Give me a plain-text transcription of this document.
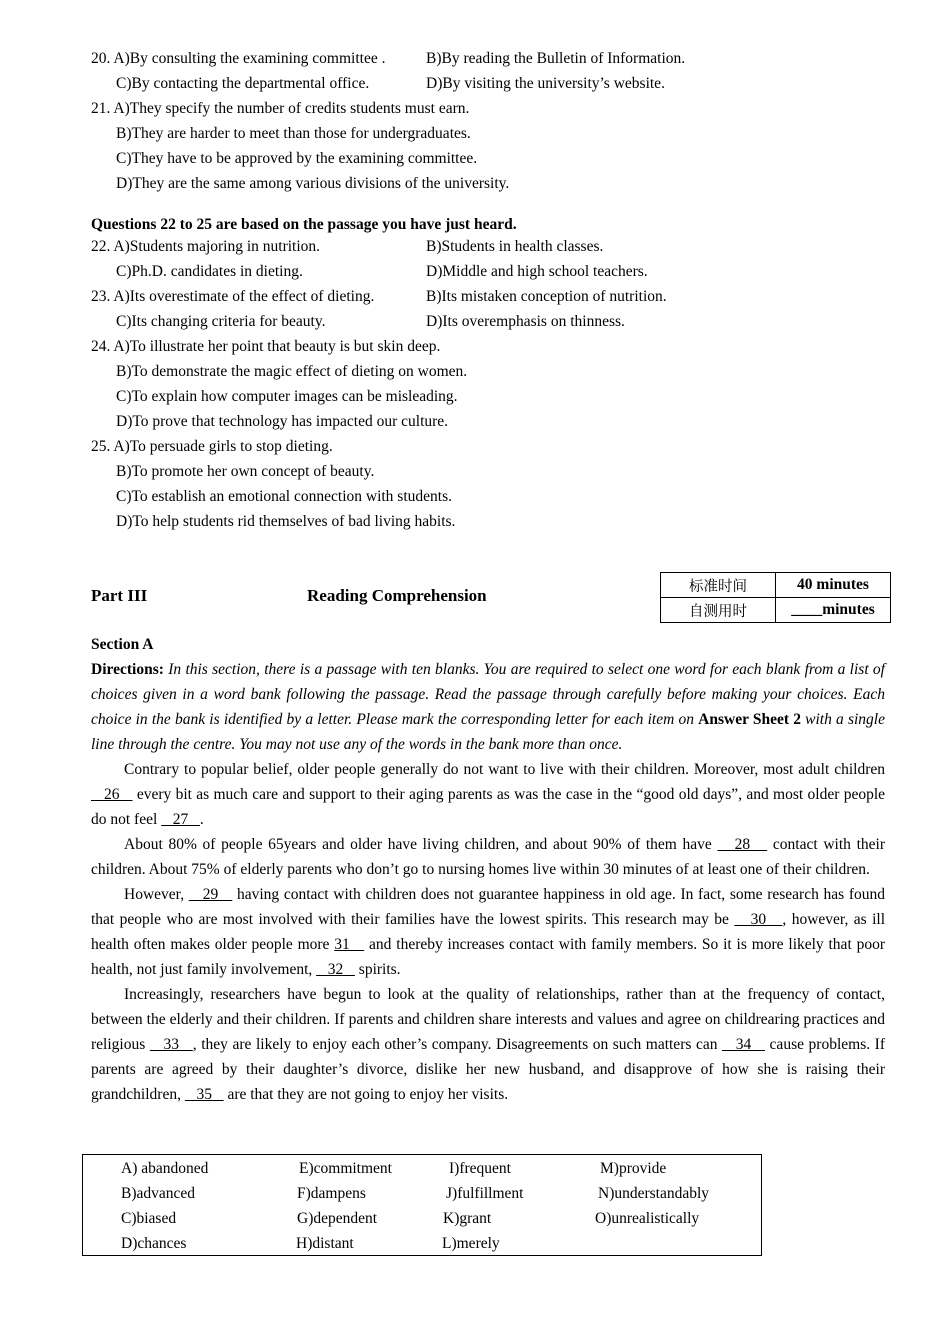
20. A)By consulting the examining committee .	B)By reading the Bulletin of Information.
C)By contacting the departmental office.	D)By visiting the university’s website.
21. A)They specify the number of credits students must earn.
B)They are harder to meet than those for undergraduates.
C)They have to be approved by the examining committee.
D)They are the same among various divisions of the university.
Questions 22 to 25 are based on the passage you have just heard.
22. A)Students majoring in nutrition.	B)Students in health classes.
C)Ph.D. candidates in dieting.	D)Middle and high school teachers.
23. A)Its overestimate of the effect of dieting.	B)Its mistaken conception of nutrition.
C)Its changing criteria for beauty.	D)Its overemphasis on thinness.
24. A)To illustrate her point that beauty is but skin deep.
B)To demonstrate the magic effect of dieting on women.
C)To explain how computer images can be misleading.
D)To prove that technology has impacted our culture.
25. A)To persuade girls to stop dieting.
B)To promote her own concept of beauty.
C)To establish an emotional connection with students.
D)To help students rid themselves of bad living habits.
Part III	Reading Comprehension	标准时间	40 minutes
自测用时	____minutes
Section A

Directions: In this section, there is a passage with ten blanks. You are required to select one word for each blank from a list of choices given in a word bank following the passage. Read the passage through carefully before making your choices. Each choice in the bank is identified by a letter. Please mark the corresponding letter for each item on Answer Sheet 2 with a single line through the centre. You may not use any of the words in the bank more than once.

Contrary to popular belief, older people generally do not want to live with their children. Moreover, most adult children    26    every bit as much care and support to their aging parents as was the case in the “good old days”, and most older people do not feel    27   .

About 80% of people 65years and older have living children, and about 90% of them have    28    contact with their children. About 75% of elderly parents who don’t go to nursing homes live within 30 minutes of at least one of their children.

However,    29    having contact with children does not guarantee happiness in old age. In fact, some research has found that people who are most involved with their families have the lowest spirits. This research may be    30   , however, as ill health often makes older people more 31    and thereby increases contact with family members. So it is more likely that poor health, not just family involvement,    32    spirits.

Increasingly, researchers have begun to look at the quality of relationships, rather than at the frequency of contact, between the elderly and their children. If parents and children share interests and values and agree on childrearing practices and religious    33   , they are likely to enjoy each other’s company. Disagreements on such matters can    34    cause problems. If parents are agreed by their daughter’s divorce, dislike her new husband, and disapprove of how she is raising their grandchildren,    35    are that they are not going to enjoy her visits.

A) abandoned
B)advanced
C)biased
D)chances
E)commitment
F)dampens
G)dependent
H)distant
I)frequent
J)fulfillment
K)grant
L)merely
M)provide
N)understandably
O)unrealistically
